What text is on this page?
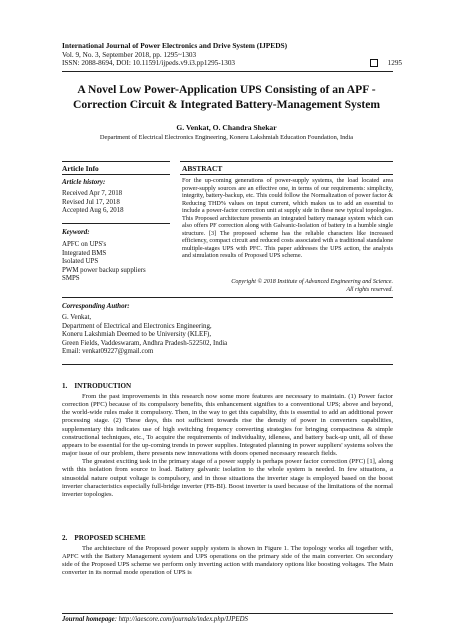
International Journal of Power Electronics and Drive System (IJPEDS)
Vol. 9, No. 3, September 2018, pp. 1295~1303
ISSN: 2088-8694, DOI: 10.11591/ijpeds.v9.i3.pp1295-1303	1295
A Novel Low Power-Application UPS Consisting of an APF - Correction Circuit & Integrated Battery-Management System
G. Venkat, O. Chandra Shekar
Department of Electrical Electronics Engineering, Koneru Lakshmiah Education Foundation, India
Article Info	ABSTRACT
Article history:
Received Apr 7, 2018
Revised Jul 17, 2018
Accepted Aug 6, 2018
Keyword:
APFC on UPS's
Integrated BMS
Isolated UPS
PWM power backup suppliers
SMPS
For the up-coming generations of power-supply systems, the load located area power-supply sources are an effective one, in terms of our requirements: simplicity, integrity, battery-backup, etc. This could follow the Normalization of power factor & Reducing THD% values on input current, which makes us to add an essential to include a power-factor correction unit at supply side in these new typical topologies. This Proposed architecture presents an integrated battery manage system which can also offers PF correction along with Galvanic-Isolation of battery in a humble single structure. [3] The proposed scheme has the reliable characters like increased efficiency, compact circuit and reduced costs associated with a traditional standalone multiple-stages UPS with PFC. This paper addresses the UPS action, the analysis and simulation results of Proposed UPS scheme.
Copyright © 2018 Institute of Advanced Engineering and Science.
All rights reserved.
Corresponding Author:
G. Venkat,
Department of Electrical and Electronics Engineering,
Koneru Lakshmiah Deemed to be University (KLEF),
Green Fields, Vaddeswaram, Andhra Pradesh-522502, India
Email: venkat09227@gmail.com
1.    INTRODUCTION

From the past improvements in this research now some more features are necessary to maintain. (1) Power factor correction (PFC) because of its compulsory benefits, this enhancement signifies to a conventional UPS; above and beyond, the world-wide rules make it compulsory. Then, in the way to get this capability, this is essential to add an additional power processing stage. (2) These days, this not sufficient towards rise the density of power in converters capabilities, supplementary this indicates use of high switching frequency converting strategies for bringing compactness & simple constructional techniques, etc., To acquire the requirements of individuality, idleness, and battery back-up unit, all of these appears to be essential for the up-coming trends in power supplies. Integrated planning in power suppliers' systems solves the major issue of our problem, there presents new innovations with doors opened necessary research fields.

The greatest exciting task in the primary stage of a power supply is perhaps power factor correction (PFC) [1], along with this isolation from source to load. Battery galvanic isolation to the whole system is needed. In few situations, a sinusoidal nature output voltage is compulsory, and in those situations the inverter stage is employed based on the boost inverter characteristics especially full-bridge inverter (FB-BI). Boost inverter is used because of the limitations of the normal inverter topologies.

2.    PROPOSED SCHEME

The architecture of the Proposed power supply system is shown in Figure 1. The topology works all together with, APFC with the Battery Management system and UPS operations on the primary side of the main converter. On secondary side of the Proposed UPS scheme we perform only inverting action with mandatory options like boosting voltages. The Main converter in its normal mode operation of UPS is

Journal homepage: http://iaescore.com/journals/index.php/IJPEDS
